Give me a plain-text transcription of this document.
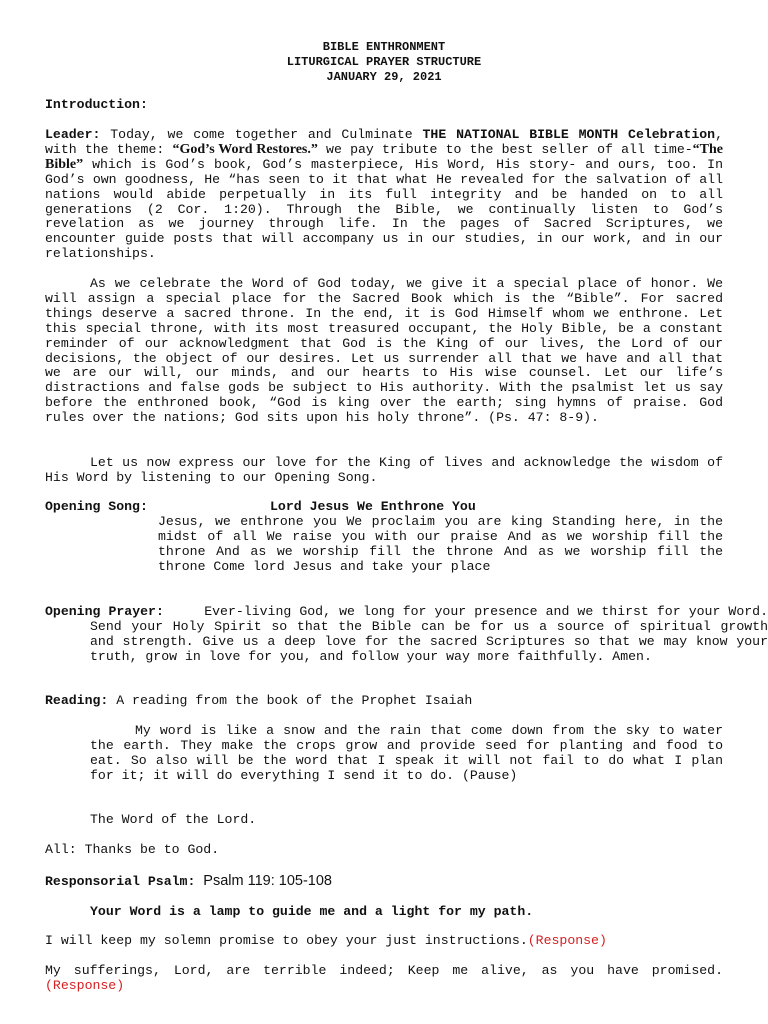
BIBLE ENTHRONMENT
LITURGICAL PRAYER STRUCTURE
JANUARY 29, 2021

Introduction:

Leader: Today, we come together and Culminate THE NATIONAL BIBLE MONTH Celebration, with the theme: “God’s Word Restores.” we pay tribute to the best seller of all time-“The Bible” which is God’s book, God’s masterpiece, His Word, His story- and ours, too. In God’s own goodness, He “has seen to it that what He revealed for the salvation of all nations would abide perpetually in its full integrity and be handed on to all generations (2 Cor. 1:20). Through the Bible, we continually listen to God’s revelation as we journey through life. In the pages of Sacred Scriptures, we encounter guide posts that will accompany us in our studies, in our work, and in our relationships.

As we celebrate the Word of God today, we give it a special place of honor. We will assign a special place for the Sacred Book which is the “Bible”. For sacred things deserve a sacred throne. In the end, it is God Himself whom we enthrone. Let this special throne, with its most treasured occupant, the Holy Bible, be a constant reminder of our acknowledgment that God is the King of our lives, the Lord of our decisions, the object of our desires. Let us surrender all that we have and all that we are our will, our minds, and our hearts to His wise counsel. Let our life’s distractions and false gods be subject to His authority. With the psalmist let us say before the enthroned book, “God is king over the earth; sing hymns of praise. God rules over the nations; God sits upon his holy throne”. (Ps. 47: 8-9).

Let us now express our love for the King of lives and acknowledge the wisdom of His Word by listening to our Opening Song.

Opening Song:	Lord Jesus We Enthrone You

Jesus, we enthrone you We proclaim you are king Standing here, in the midst of all We raise you with our praise And as we worship fill the throne And as we worship fill the throne And as we worship fill the throne Come lord Jesus and take your place

Opening Prayer:	Ever-living God, we long for your presence and we thirst for your Word. Send your Holy Spirit so that the Bible can be for us a source of spiritual growth and strength. Give us a deep love for the sacred Scriptures so that we may know your truth, grow in love for you, and follow your way more faithfully. Amen.

Reading: A reading from the book of the Prophet Isaiah

My word is like a snow and the rain that come down from the sky to water the earth. They make the crops grow and provide seed for planting and food to eat. So also will be the word that I speak it will not fail to do what I plan for it; it will do everything I send it to do. (Pause)

The Word of the Lord.

All: Thanks be to God.

Responsorial Psalm: Psalm 119: 105-108

Your Word is a lamp to guide me and a light for my path.

I will keep my solemn promise to obey your just instructions.(Response)

My sufferings, Lord, are terrible indeed; Keep me alive, as you have promised. (Response)
